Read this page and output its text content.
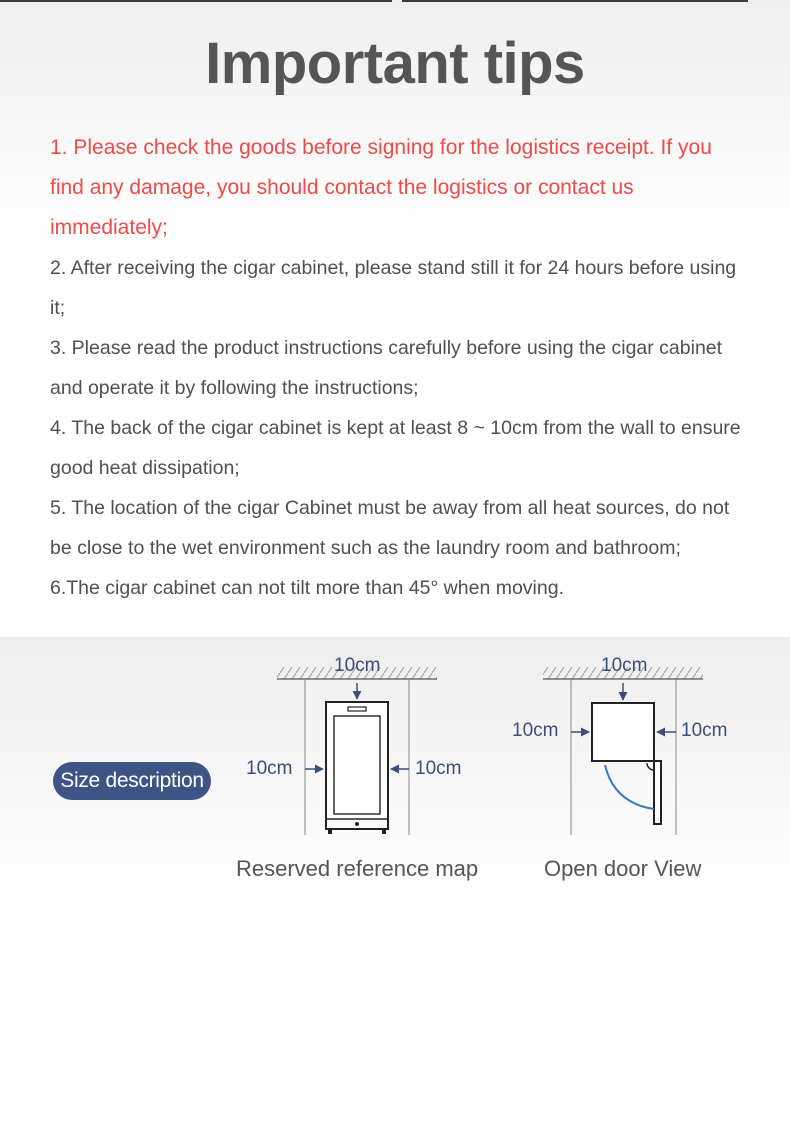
Important tips

1. Please check the goods before signing for the logistics receipt. If you find any damage, you should contact the logistics or contact us immediately;

2. After receiving the cigar cabinet, please stand still it for 24 hours before using it;

3. Please read the product instructions carefully before using the cigar cabinet and operate it by following the instructions;

4. The back of the cigar cabinet is kept at least 8 ~ 10cm from the wall to ensure good heat dissipation;

5. The location of the cigar Cabinet must be away from all heat sources, do not be close to the wet environment such as the laundry room and bathroom;

6.The cigar cabinet can not tilt more than 45° when moving.

Size description
10cm
10cm	10cm
Reserved reference map
10cm
10cm	10cm
Open door View
